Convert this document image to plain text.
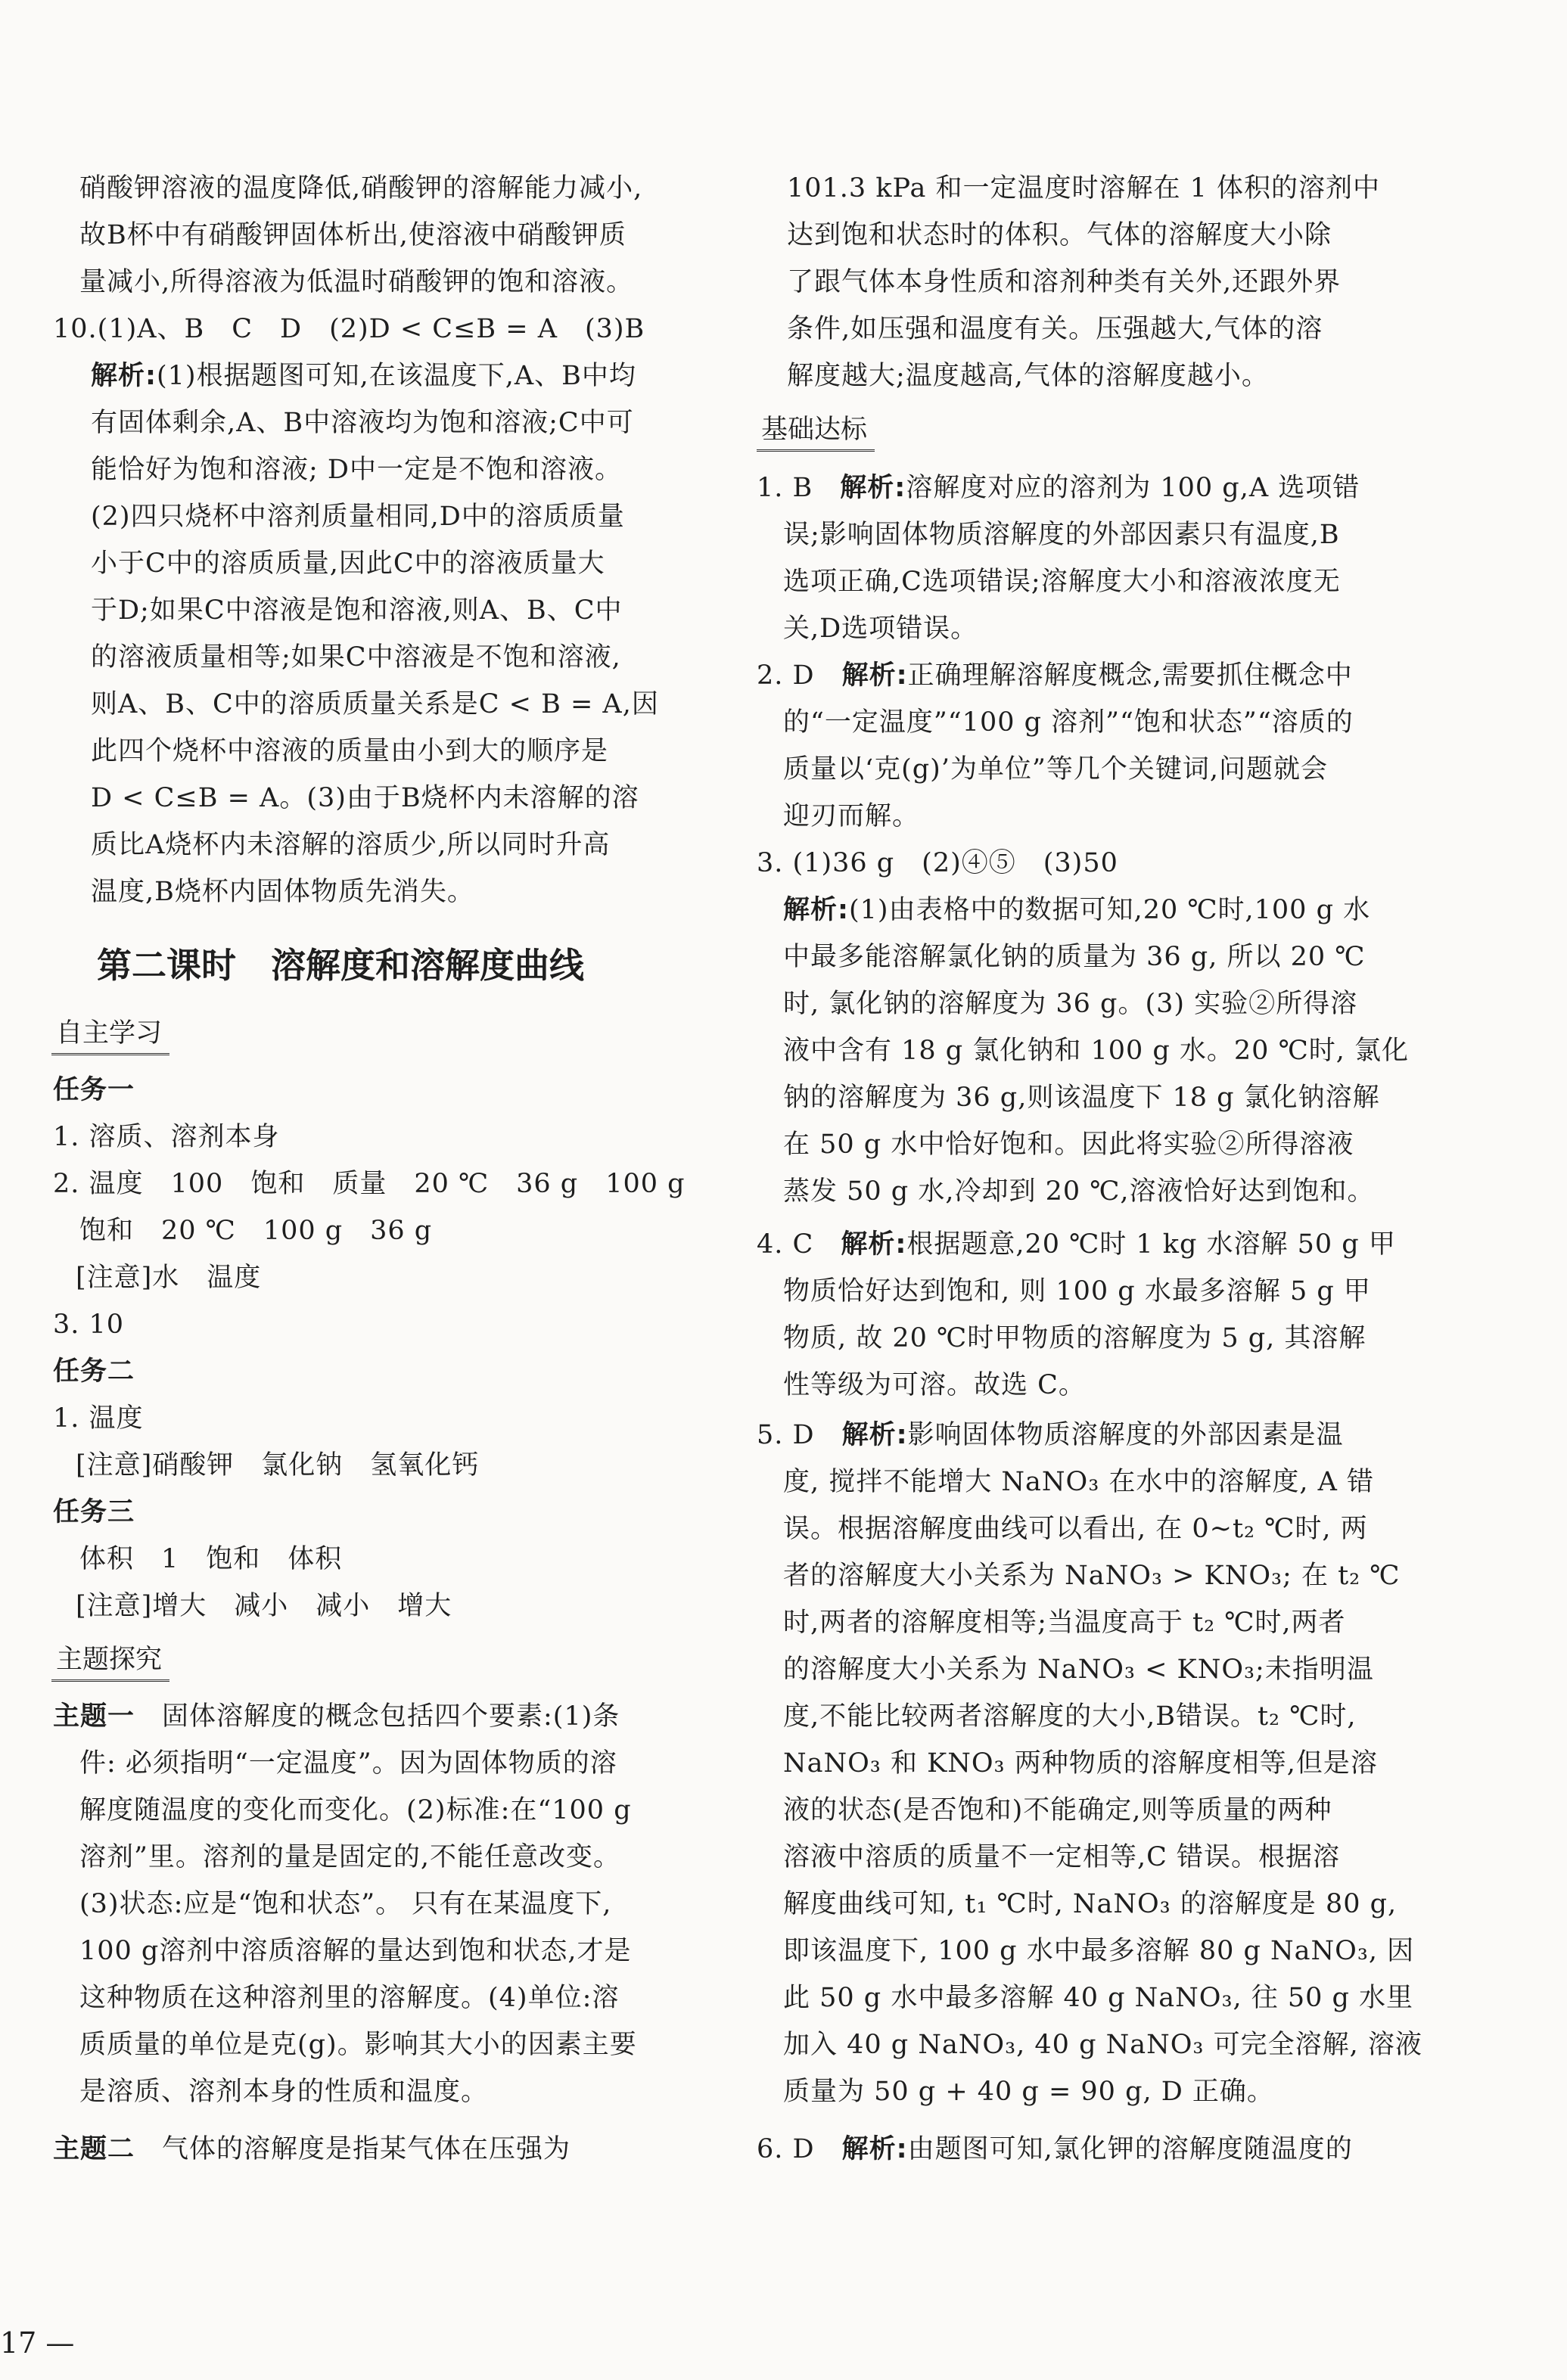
硝酸钾溶液的温度降低,硝酸钾的溶解能力减小,
故B杯中有硝酸钾固体析出,使溶液中硝酸钾质
量减小,所得溶液为低温时硝酸钾的饱和溶液。
10.(1)A、B　C　D　(2)D < C≤B = A　(3)B
解析:(1)根据题图可知,在该温度下,A、B中均
有固体剩余,A、B中溶液均为饱和溶液;C中可
能恰好为饱和溶液; D中一定是不饱和溶液。
(2)四只烧杯中溶剂质量相同,D中的溶质质量
小于C中的溶质质量,因此C中的溶液质量大
于D;如果C中溶液是饱和溶液,则A、B、C中
的溶液质量相等;如果C中溶液是不饱和溶液,
则A、B、C中的溶质质量关系是C < B = A,因
此四个烧杯中溶液的质量由小到大的顺序是
D < C≤B = A。(3)由于B烧杯内未溶解的溶
质比A烧杯内未溶解的溶质少,所以同时升高
温度,B烧杯内固体物质先消失。
第二课时　溶解度和溶解度曲线
自主学习
任务一
1. 溶质、溶剂本身
2. 温度　100　饱和　质量　20 ℃　36 g　100 g
饱和　20 ℃　100 g　36 g
[注意]水　温度
3. 10
任务二
1. 温度
[注意]硝酸钾　氯化钠　氢氧化钙
任务三
体积　1　饱和　体积
[注意]增大　减小　减小　增大
主题探究
主题一　固体溶解度的概念包括四个要素:(1)条
件: 必须指明“一定温度”。因为固体物质的溶
解度随温度的变化而变化。(2)标准:在“100 g
溶剂”里。溶剂的量是固定的,不能任意改变。
(3)状态:应是“饱和状态”。 只有在某温度下,
100 g溶剂中溶质溶解的量达到饱和状态,才是
这种物质在这种溶剂里的溶解度。(4)单位:溶
质质量的单位是克(g)。影响其大小的因素主要
是溶质、溶剂本身的性质和温度。
主题二　气体的溶解度是指某气体在压强为
101.3 kPa 和一定温度时溶解在 1 体积的溶剂中
达到饱和状态时的体积。气体的溶解度大小除
了跟气体本身性质和溶剂种类有关外,还跟外界
条件,如压强和温度有关。压强越大,气体的溶
解度越大;温度越高,气体的溶解度越小。
基础达标
1. B　解析:溶解度对应的溶剂为 100 g,A 选项错
误;影响固体物质溶解度的外部因素只有温度,B
选项正确,C选项错误;溶解度大小和溶液浓度无
关,D选项错误。
2. D　解析:正确理解溶解度概念,需要抓住概念中
的“一定温度”“100 g 溶剂”“饱和状态”“溶质的
质量以‘克(g)’为单位”等几个关键词,问题就会
迎刃而解。
3. (1)36 g　(2)④⑤　(3)50
解析:(1)由表格中的数据可知,20 ℃时,100 g 水
中最多能溶解氯化钠的质量为 36 g, 所以 20 ℃
时, 氯化钠的溶解度为 36 g。(3) 实验②所得溶
液中含有 18 g 氯化钠和 100 g 水。20 ℃时, 氯化
钠的溶解度为 36 g,则该温度下 18 g 氯化钠溶解
在 50 g 水中恰好饱和。因此将实验②所得溶液
蒸发 50 g 水,冷却到 20 ℃,溶液恰好达到饱和。
4. C　解析:根据题意,20 ℃时 1 kg 水溶解 50 g 甲
物质恰好达到饱和, 则 100 g 水最多溶解 5 g 甲
物质, 故 20 ℃时甲物质的溶解度为 5 g, 其溶解
性等级为可溶。故选 C。
5. D　解析:影响固体物质溶解度的外部因素是温
度, 搅拌不能增大 NaNO₃ 在水中的溶解度, A 错
误。根据溶解度曲线可以看出, 在 0~t₂ ℃时, 两
者的溶解度大小关系为 NaNO₃ > KNO₃; 在 t₂ ℃
时,两者的溶解度相等;当温度高于 t₂ ℃时,两者
的溶解度大小关系为 NaNO₃ < KNO₃;未指明温
度,不能比较两者溶解度的大小,B错误。t₂ ℃时,
NaNO₃ 和 KNO₃ 两种物质的溶解度相等,但是溶
液的状态(是否饱和)不能确定,则等质量的两种
溶液中溶质的质量不一定相等,C 错误。根据溶
解度曲线可知, t₁ ℃时, NaNO₃ 的溶解度是 80 g,
即该温度下, 100 g 水中最多溶解 80 g NaNO₃, 因
此 50 g 水中最多溶解 40 g NaNO₃, 往 50 g 水里
加入 40 g NaNO₃, 40 g NaNO₃ 可完全溶解, 溶液
质量为 50 g + 40 g = 90 g, D 正确。
6. D　解析:由题图可知,氯化钾的溶解度随温度的
17 —
